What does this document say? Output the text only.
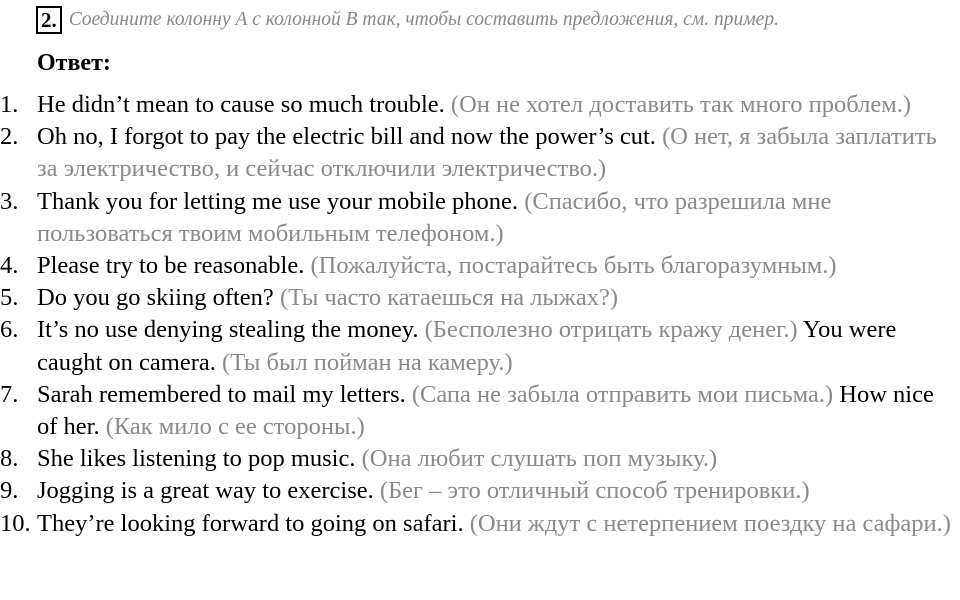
2. Соедините колонну А с колонной В так, чтобы составить предложения, см. пример.
Ответ:
1. He didn’t mean to cause so much trouble. (Он не хотел доставить так много проблем.)
2. Oh no, I forgot to pay the electric bill and now the power’s cut. (О нет, я забыла заплатить за электричество, и сейчас отключили электричество.)
3. Thank you for letting me use your mobile phone. (Спасибо, что разрешила мне пользоваться твоим мобильным телефоном.)
4. Please try to be reasonable. (Пожалуйста, постарайтесь быть благоразумным.)
5. Do you go skiing often? (Ты часто катаешься на лыжах?)
6. It’s no use denying stealing the money. (Бесполезно отрицать кражу денег.) You were caught on camera. (Ты был пойман на камеру.)
7. Sarah remembered to mail my letters. (Сапа не забыла отправить мои письма.) How nice of her. (Как мило с ее стороны.)
8. She likes listening to pop music. (Она любит слушать поп музыку.)
9. Jogging is a great way to exercise. (Бег – это отличный способ тренировки.)
10. They’re looking forward to going on safari. (Они ждут с нетерпением поездку на сафари.)
